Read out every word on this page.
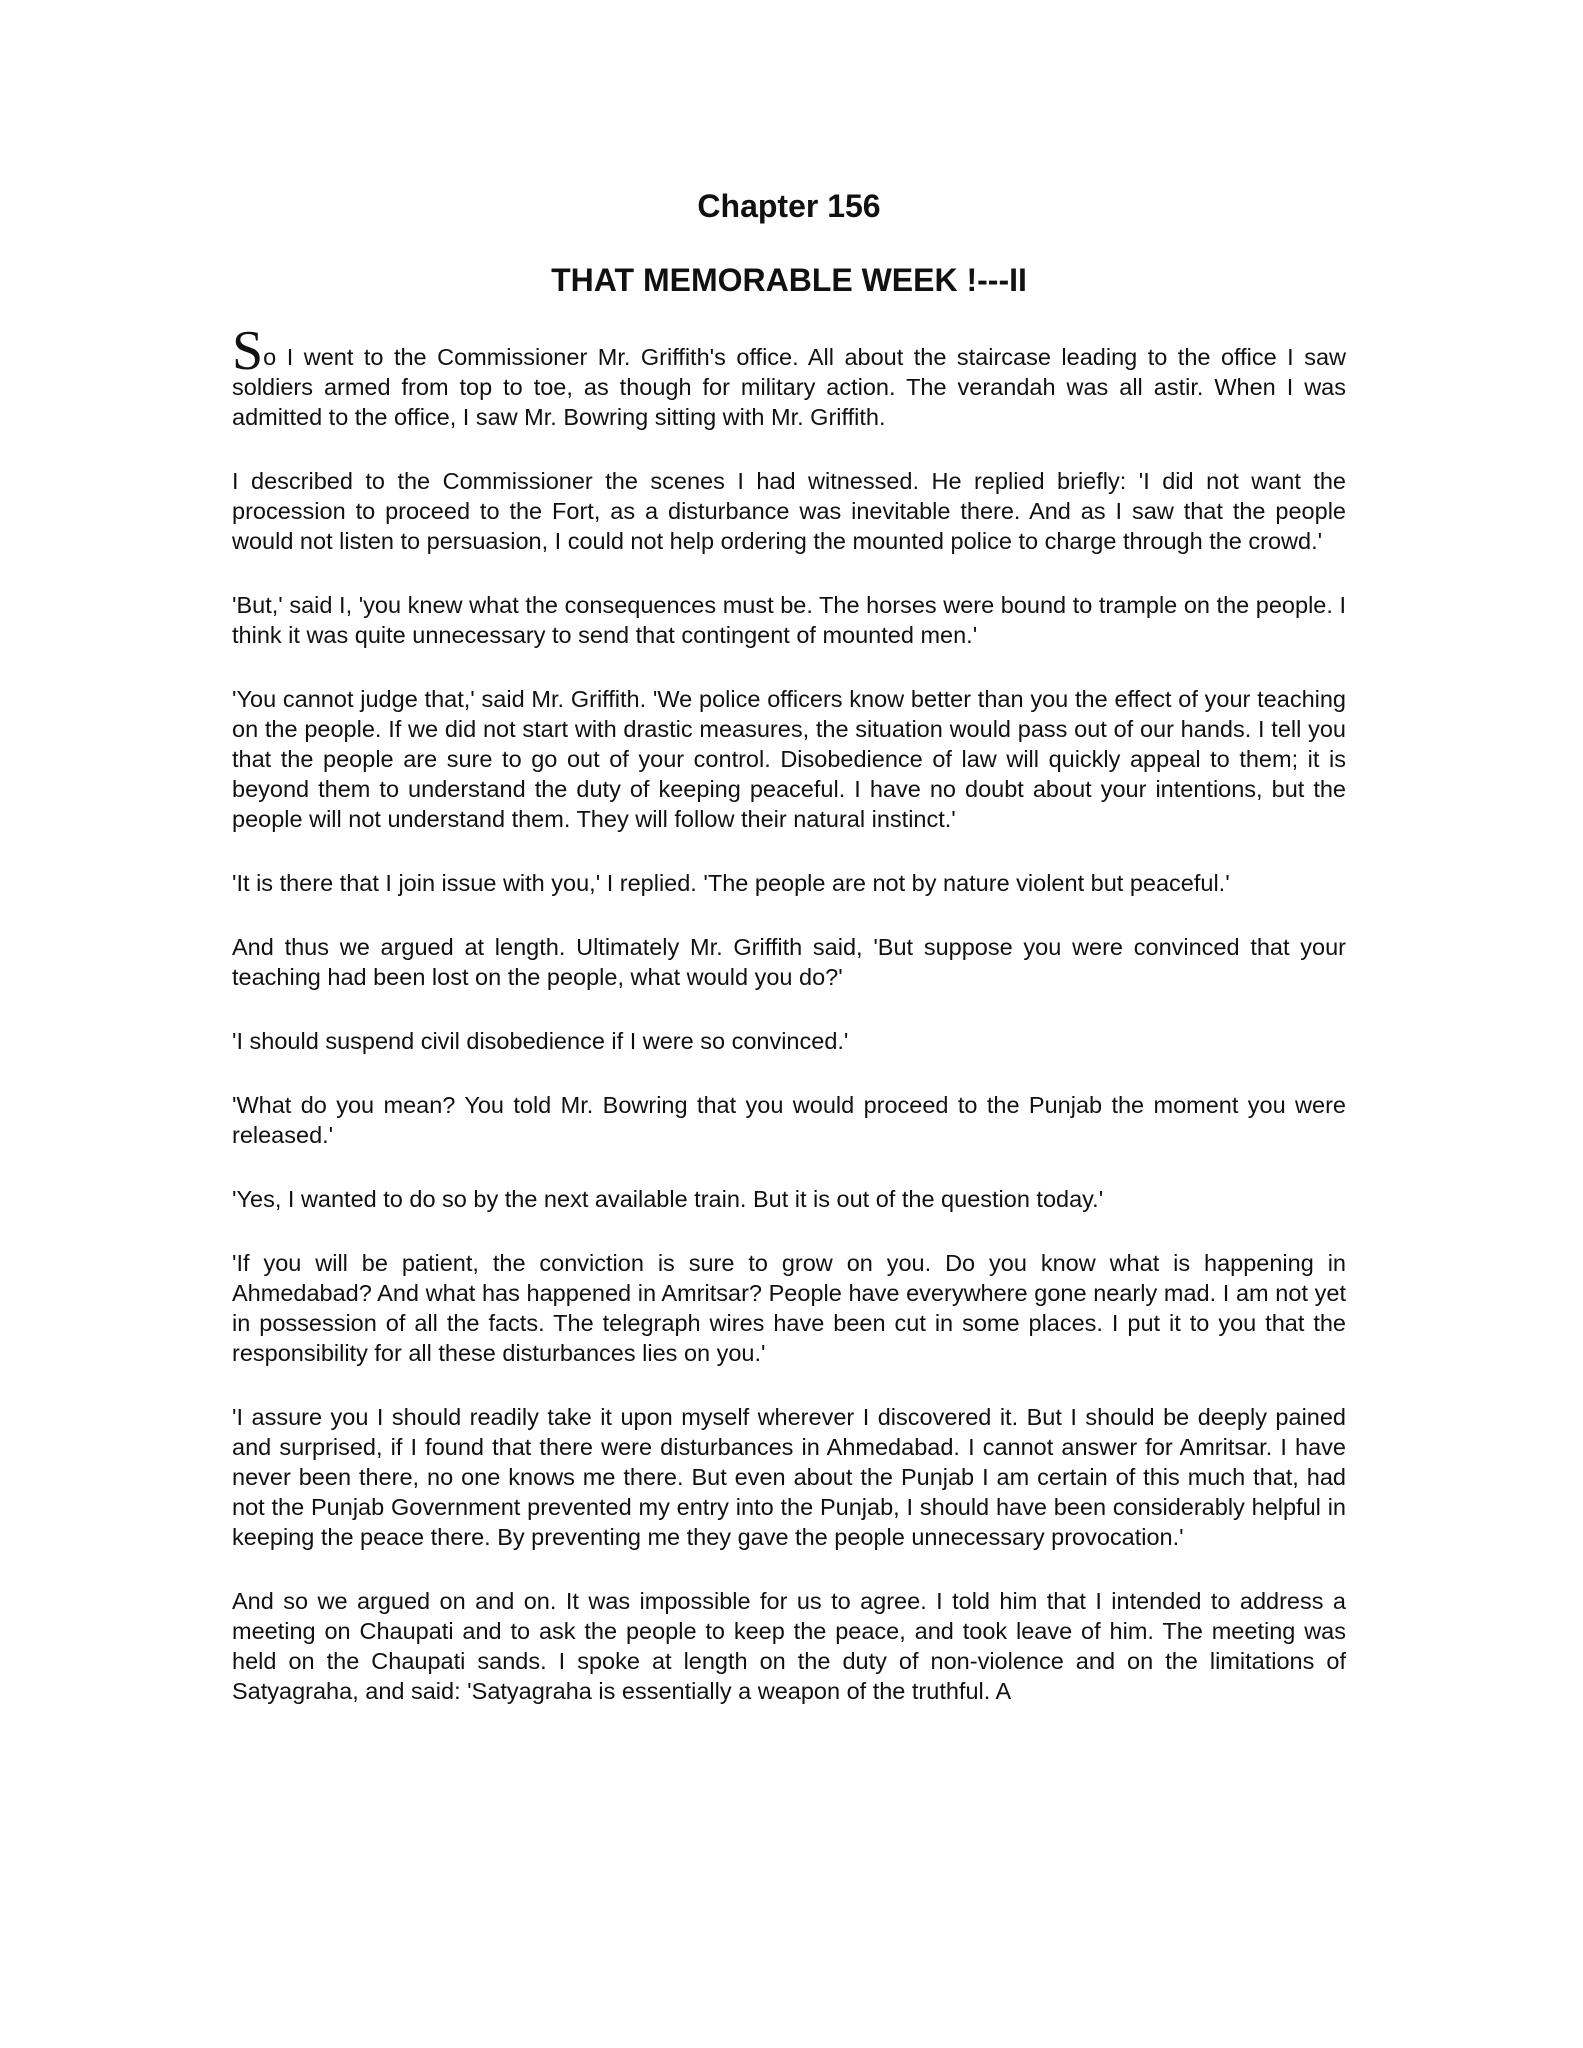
Chapter 156
THAT MEMORABLE WEEK !---II

So I went to the Commissioner Mr. Griffith's office. All about the staircase leading to the office I saw soldiers armed from top to toe, as though for military action. The verandah was all astir. When I was admitted to the office, I saw Mr. Bowring sitting with Mr. Griffith.

I described to the Commissioner the scenes I had witnessed. He replied briefly: 'I did not want the procession to proceed to the Fort, as a disturbance was inevitable there. And as I saw that the people would not listen to persuasion, I could not help ordering the mounted police to charge through the crowd.'

'But,' said I, 'you knew what the consequences must be. The horses were bound to trample on the people. I think it was quite unnecessary to send that contingent of mounted men.'

'You cannot judge that,' said Mr. Griffith. 'We police officers know better than you the effect of your teaching on the people. If we did not start with drastic measures, the situation would pass out of our hands. I tell you that the people are sure to go out of your control. Disobedience of law will quickly appeal to them; it is beyond them to understand the duty of keeping peaceful. I have no doubt about your intentions, but the people will not understand them. They will follow their natural instinct.'

'It is there that I join issue with you,' I replied. 'The people are not by nature violent but peaceful.'

And thus we argued at length. Ultimately Mr. Griffith said, 'But suppose you were convinced that your teaching had been lost on the people, what would you do?'

'I should suspend civil disobedience if I were so convinced.'

'What do you mean? You told Mr. Bowring that you would proceed to the Punjab the moment you were released.'

'Yes, I wanted to do so by the next available train. But it is out of the question today.'

'If you will be patient, the conviction is sure to grow on you. Do you know what is happening in Ahmedabad? And what has happened in Amritsar? People have everywhere gone nearly mad. I am not yet in possession of all the facts. The telegraph wires have been cut in some places. I put it to you that the responsibility for all these disturbances lies on you.'

'I assure you I should readily take it upon myself wherever I discovered it. But I should be deeply pained and surprised, if I found that there were disturbances in Ahmedabad. I cannot answer for Amritsar. I have never been there, no one knows me there. But even about the Punjab I am certain of this much that, had not the Punjab Government prevented my entry into the Punjab, I should have been considerably helpful in keeping the peace there. By preventing me they gave the people unnecessary provocation.'

And so we argued on and on. It was impossible for us to agree. I told him that I intended to address a meeting on Chaupati and to ask the people to keep the peace, and took leave of him. The meeting was held on the Chaupati sands. I spoke at length on the duty of non-violence and on the limitations of Satyagraha, and said: 'Satyagraha is essentially a weapon of the truthful. A
